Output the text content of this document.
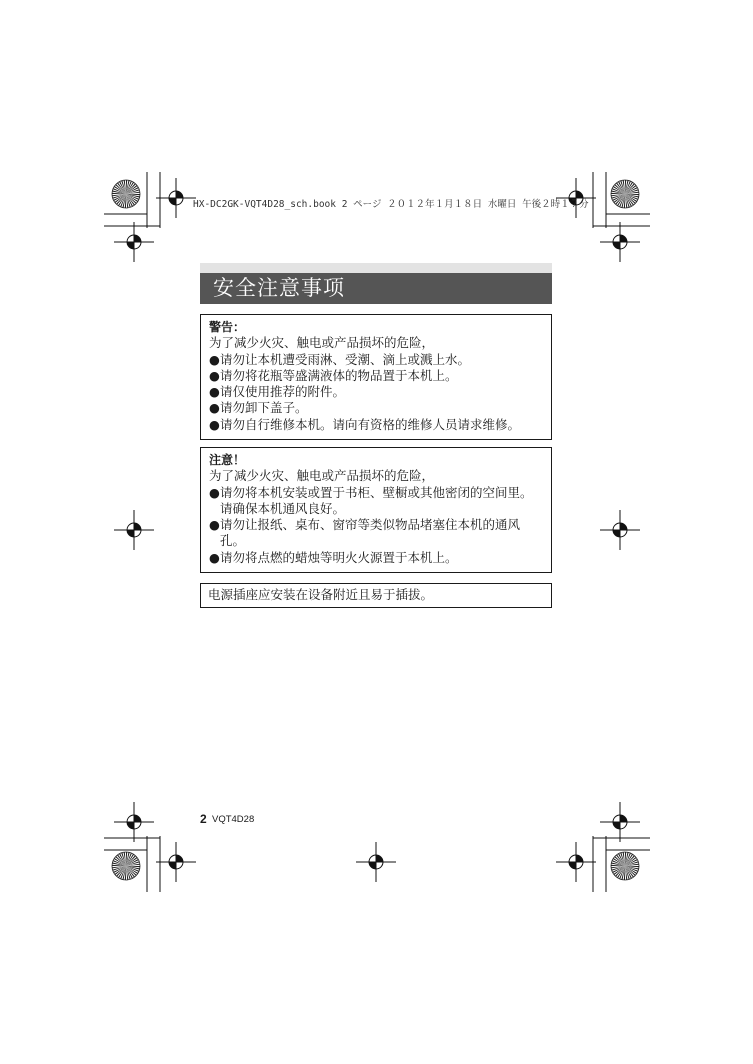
HX-DC2GK-VQT4D28_sch.book 2 ページ ２０１２年１月１８日 水曜日 午後２時１７分
安全注意事项
警告：
为了减少火灾、触电或产品损坏的危险，
●请勿让本机遭受雨淋、受潮、滴上或溅上水。
●请勿将花瓶等盛满液体的物品置于本机上。
●请仅使用推荐的附件。
●请勿卸下盖子。
●请勿自行维修本机。请向有资格的维修人员请求维修。
注意！
为了减少火灾、触电或产品损坏的危险，
●请勿将本机安装或置于书柜、壁橱或其他密闭的空间里。请确保本机通风良好。
●请勿让报纸、桌布、窗帘等类似物品堵塞住本机的通风孔。
●请勿将点燃的蜡烛等明火火源置于本机上。
电源插座应安装在设备附近且易于插拔。
2 VQT4D28
